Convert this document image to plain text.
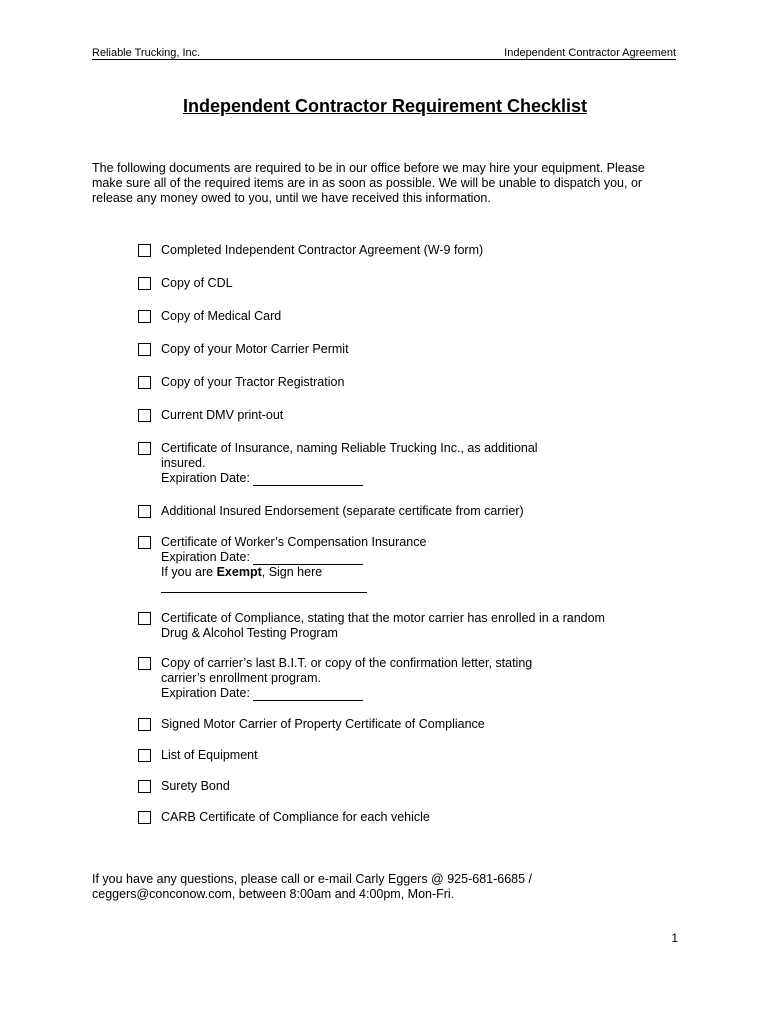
Reliable Trucking, Inc.	Independent Contractor Agreement
Independent Contractor Requirement Checklist
The following documents are required to be in our office before we may hire your equipment. Please make sure all of the required items are in as soon as possible. We will be unable to dispatch you, or release any money owed to you, until we have received this information.
Completed Independent Contractor Agreement (W-9 form)
Copy of CDL
Copy of Medical Card
Copy of your Motor Carrier Permit
Copy of your Tractor Registration
Current DMV print-out
Certificate of Insurance, naming Reliable Trucking Inc., as additional insured.
Expiration Date:
Additional Insured Endorsement (separate certificate from carrier)
Certificate of Worker’s Compensation Insurance
Expiration Date:
If you are Exempt, Sign here
Certificate of Compliance, stating that the motor carrier has enrolled in a random Drug & Alcohol Testing Program
Copy of carrier’s last B.I.T. or copy of the confirmation letter, stating carrier’s enrollment program.
Expiration Date:
Signed Motor Carrier of Property Certificate of Compliance
List of Equipment
Surety Bond
CARB Certificate of Compliance for each vehicle
If you have any questions, please call or e-mail Carly Eggers @ 925-681-6685 / ceggers@conconow.com, between 8:00am and 4:00pm, Mon-Fri.
1
